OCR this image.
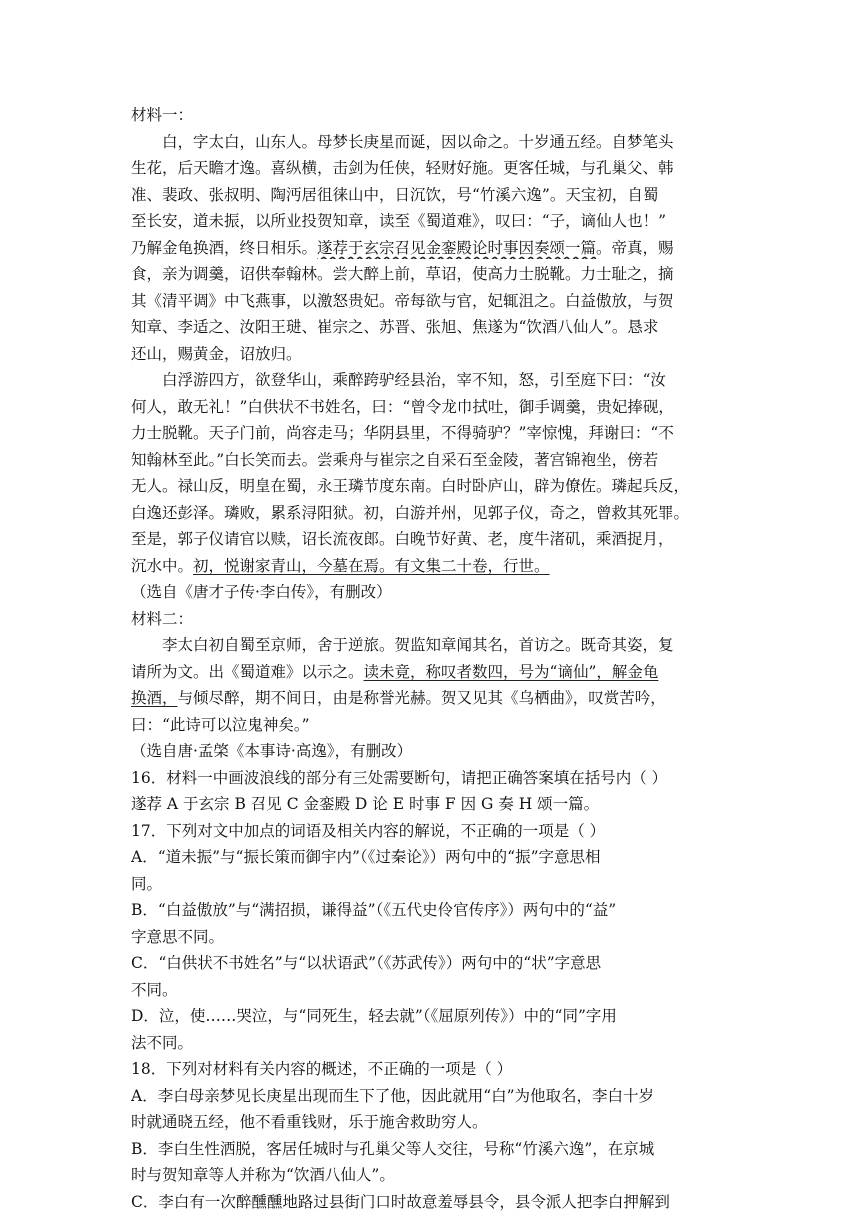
材料一：
白，字太白，山东人。母梦长庚星而诞，因以命之。十岁通五经。自梦笔头
生花，后天瞻才逸。喜纵横，击剑为任侠，轻财好施。更客任城，与孔巢父、韩
准、裴政、张叔明、陶沔居徂徕山中，日沉饮，号“竹溪六逸”。天宝初，自蜀
至长安，道未振，以所业投贺知章，读至《蜀道难》，叹曰：“子，谪仙人也！”
乃解金龟换酒，终日相乐。遂荐于玄宗召见金銮殿论时事因奏颂一篇。帝真，赐
食，亲为调羹，诏供奉翰林。尝大醉上前，草诏，使高力士脱靴。力士耻之，摘
其《清平调》中飞燕事，以激怒贵妃。帝每欲与官，妃辄沮之。白益傲放，与贺
知章、李适之、汝阳王琎、崔宗之、苏晋、张旭、焦遂为“饮酒八仙人”。恳求
还山，赐黄金，诏放归。
白浮游四方，欲登华山，乘醉跨驴经县治，宰不知，怒，引至庭下曰：“汝
何人，敢无礼！”白供状不书姓名，曰：“曾令龙巾拭吐，御手调羹，贵妃捧砚，
力士脱靴。天子门前，尚容走马；华阴县里，不得骑驴？”宰惊愧，拜谢曰：“不
知翰林至此。”白长笑而去。尝乘舟与崔宗之自采石至金陵，著宫锦袍坐，傍若
无人。禄山反，明皇在蜀，永王璘节度东南。白时卧庐山，辟为僚佐。璘起兵反，
白逸还彭泽。璘败，累系浔阳狱。初，白游并州，见郭子仪，奇之，曾救其死罪。
至是，郭子仪请官以赎，诏长流夜郎。白晚节好黄、老，度牛渚矶，乘酒捉月，
沉水中。初，悦谢家青山，今墓在焉。有文集二十卷，行世。
（选自《唐才子传·李白传》，有删改）
材料二：
李太白初自蜀至京师，舍于逆旅。贺监知章闻其名，首访之。既奇其姿，复
请所为文。出《蜀道难》以示之。读未竟，称叹者数四，号为“谪仙”，解金龟
换酒，与倾尽醉，期不间日，由是称誉光赫。贺又见其《乌栖曲》，叹赏苦吟，
曰：“此诗可以泣鬼神矣。”
（选自唐·孟棨《本事诗·高逸》，有删改）
16．材料一中画波浪线的部分有三处需要断句，请把正确答案填在括号内（ ）
遂荐 A 于玄宗 B 召见 C 金銮殿 D 论 E 时事 F 因 G 奏 H 颂一篇。
17．下列对文中加点的词语及相关内容的解说，不正确的一项是（ ）
A．“道未振”与“振长策而御宇内”（《过秦论》）两句中的“振”字意思相
同。
B．“白益傲放”与“满招损，谦得益”（《五代史伶官传序》）两句中的“益”
字意思不同。
C．“白供状不书姓名”与“以状语武”（《苏武传》）两句中的“状”字意思
不同。
D．泣，使……哭泣，与“同死生，轻去就”（《屈原列传》）中的“同”字用
法不同。
18．下列对材料有关内容的概述，不正确的一项是（ ）
A．李白母亲梦见长庚星出现而生下了他，因此就用“白”为他取名，李白十岁
时就通晓五经，他不看重钱财，乐于施舍救助穷人。
B．李白生性洒脱，客居任城时与孔巢父等人交往，号称“竹溪六逸”，在京城
时与贺知章等人并称为“饮酒八仙人”。
C．李白有一次醉醺醺地路过县街门口时故意羞辱县令，县令派人把李白押解到
